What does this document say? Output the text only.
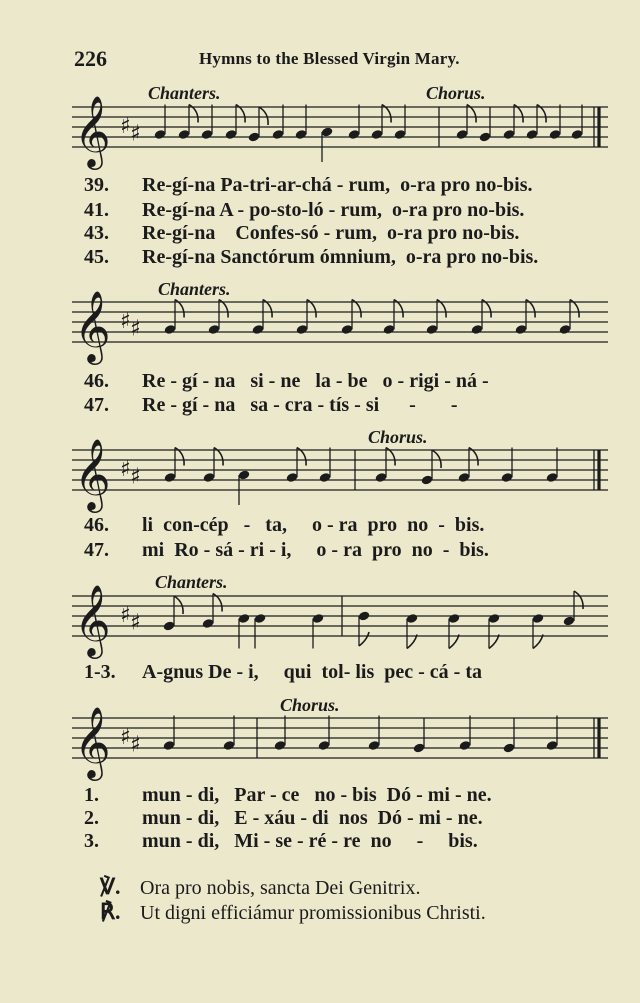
226	Hymns to the Blessed Virgin Mary.
Chanters.	Chorus.
𝄞 ♯ ♯
39. Re-gí-na Pa-tri-ar-chá - rum,  o-ra pro no-bis.
41. Re-gí-na A - po-sto-ló - rum,  o-ra pro no-bis.
43. Re-gí-na    Confes-só - rum,  o-ra pro no-bis.
45. Re-gí-na Sanctórum ómnium,  o-ra pro no-bis.
Chanters.
𝄞 ♯ ♯
46. Re - gí - na   si - ne   la - be   o - rigi - ná -
47. Re - gí - na   sa - cra - tís - si      -       -
Chorus.
𝄞 ♯ ♯
46. li  con-cép   -   ta,     o - ra  pro  no  -  bis.
47. mi  Ro - sá - ri - i,     o - ra  pro  no  -  bis.
Chanters.
𝄞 ♯ ♯
1-3. A-gnus De - i,     qui  tol- lis  pec - cá - ta
Chorus.
𝄞 ♯ ♯
1. mun - di,   Par - ce   no - bis  Dó - mi - ne.
2. mun - di,   E - xáu - di  nos  Dó - mi - ne.
3. mun - di,   Mi - se - ré - re  no     -     bis.
℣. Ora pro nobis, sancta Dei Genitrix.
℟. Ut digni efficiámur promissionibus Christi.
